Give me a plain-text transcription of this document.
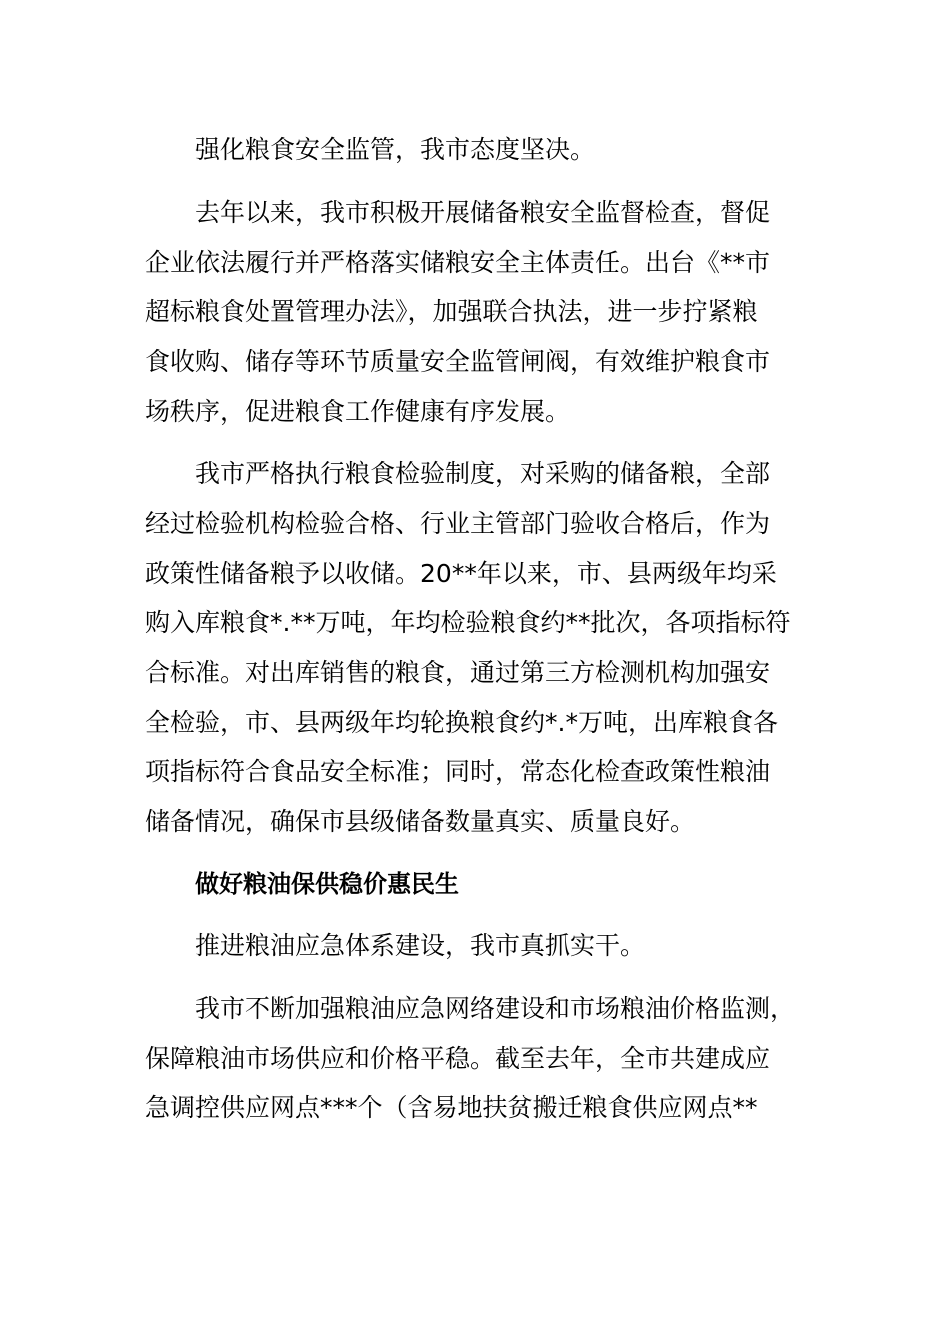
强化粮食安全监管，我市态度坚决。
去年以来，我市积极开展储备粮安全监督检查，督促
企业依法履行并严格落实储粮安全主体责任。出台《**市
超标粮食处置管理办法》，加强联合执法，进一步拧紧粮
食收购、储存等环节质量安全监管闸阀，有效维护粮食市
场秩序，促进粮食工作健康有序发展。
我市严格执行粮食检验制度，对采购的储备粮，全部
经过检验机构检验合格、行业主管部门验收合格后，作为
政策性储备粮予以收储。20**年以来，市、县两级年均采
购入库粮食*.**万吨，年均检验粮食约**批次，各项指标符
合标准。对出库销售的粮食，通过第三方检测机构加强安
全检验，市、县两级年均轮换粮食约*.*万吨，出库粮食各
项指标符合食品安全标准；同时，常态化检查政策性粮油
储备情况，确保市县级储备数量真实、质量良好。
做好粮油保供稳价惠民生
推进粮油应急体系建设，我市真抓实干。
我市不断加强粮油应急网络建设和市场粮油价格监测，
保障粮油市场供应和价格平稳。截至去年，全市共建成应
急调控供应网点***个（含易地扶贫搬迁粮食供应网点**
